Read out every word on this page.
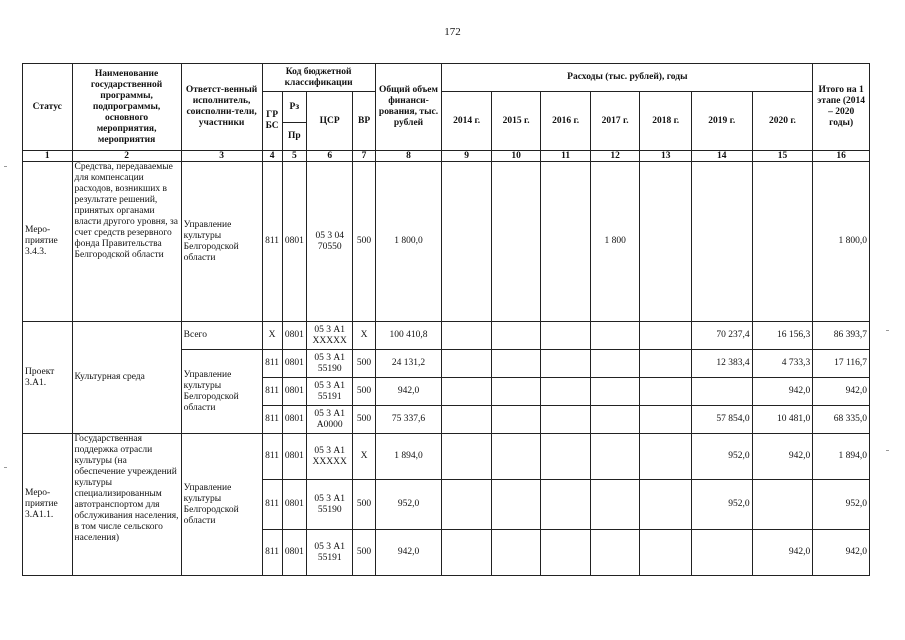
172
Статус	Наименование государственной программы, подпрограммы, основного мероприятия, мероприятия	Ответст-венный исполнитель, соисполни-тели, участники	Код бюджетной классификации				Общий объем финанси-рования, тыс. рублей	Расходы (тыс. рублей), годы							Итого на 1 этапе (2014 – 2020 годы)
			ГР БС	Рз	ЦСР	ВР		2014 г.	2015 г.	2016 г.	2017 г.	2018 г.	2019 г.	2020 г.	
				Пр											
1	2	3	4	5	6	7	8	9	10	11	12	13	14	15	16
Меро-приятие 3.4.3.	Средства, передаваемые для компенсации расходов, возникших в результате решений, принятых органами власти другого уровня, за счет средств резервного фонда Правительства Белгородской области	Управление культуры Белгородской области	811	0801	05 3 04 70550	500	1 800,0				1 800				1 800,0
Проект 3.А1.	Культурная среда	Всего	Х	0801	05 3 А1 XXXXX	Х	100 410,8						70 237,4	16 156,3	86 393,7
		Управление культуры Белгородской области	811	0801	05 3 А1 55190	500	24 131,2						12 383,4	4 733,3	17 116,7
			811	0801	05 3 А1 55191	500	942,0							942,0	942,0
			811	0801	05 3 А1 А0000	500	75 337,6						57 854,0	10 481,0	68 335,0
Меро-приятие 3.А1.1.	Государственная поддержка отрасли культуры (на обеспечение учреждений культуры специализированным автотранспортом для обслуживания населения, в том числе сельского населения)	Управление культуры Белгородской области	811	0801	05 3 А1 XXXXX	Х	1 894,0						952,0	942,0	1 894,0
			811	0801	05 3 А1 55190	500	952,0						952,0		952,0
			811	0801	05 3 А1 55191	500	942,0							942,0	942,0
